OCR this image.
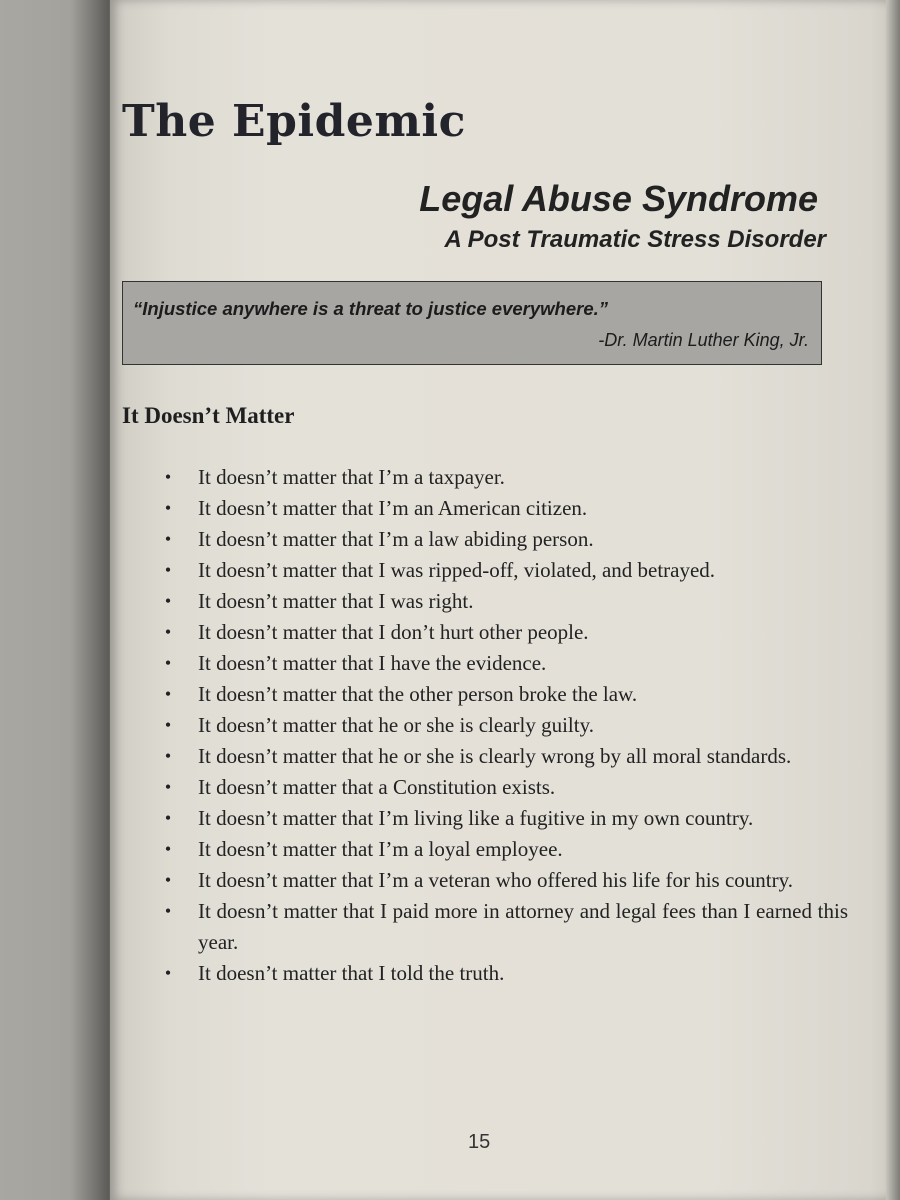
The Epidemic
Legal Abuse Syndrome
A Post Traumatic Stress Disorder
“Injustice anywhere is a threat to justice everywhere.”
-Dr. Martin Luther King, Jr.
It Doesn’t Matter
•	It doesn’t matter that I’m a taxpayer.
•	It doesn’t matter that I’m an American citizen.
•	It doesn’t matter that I’m a law abiding person.
•	It doesn’t matter that I was ripped-off, violated, and betrayed.
•	It doesn’t matter that I was right.
•	It doesn’t matter that I don’t hurt other people.
•	It doesn’t matter that I have the evidence.
•	It doesn’t matter that the other person broke the law.
•	It doesn’t matter that he or she is clearly guilty.
•	It doesn’t matter that he or she is clearly wrong by all moral standards.
•	It doesn’t matter that a Constitution exists.
•	It doesn’t matter that I’m living like a fugitive in my own country.
•	It doesn’t matter that I’m a loyal employee.
•	It doesn’t matter that I’m a veteran who offered his life for his country.
•	It doesn’t matter that I paid more in attorney and legal fees than I earned this year.
•	It doesn’t matter that I told the truth.
15
